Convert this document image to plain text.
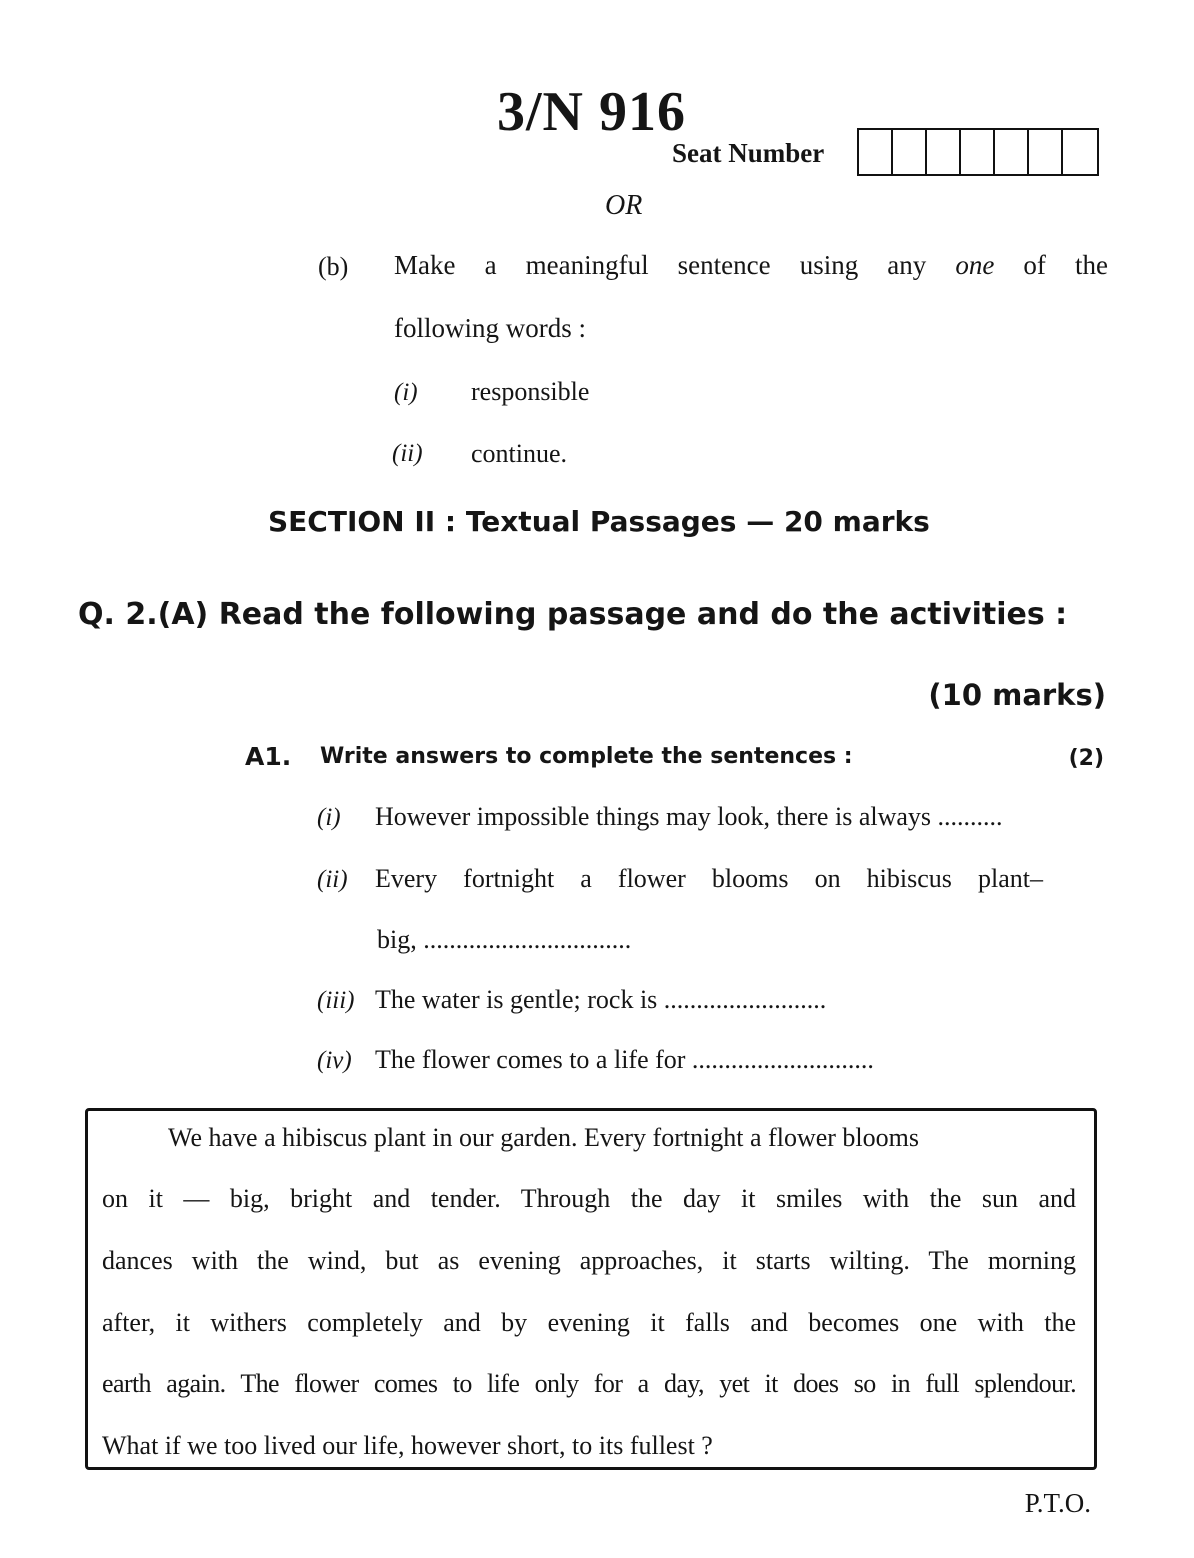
3/N 916
Seat Number
OR
(b) Make a meaningful sentence using any one of the
following words :
(i) responsible
(ii) continue.
SECTION II : Textual Passages — 20 marks
Q. 2.(A) Read the following passage and do the activities :
(10 marks)
A1. Write answers to complete the sentences :	(2)
(i) However impossible things may look, there is always ..........
(ii) Every fortnight a flower blooms on hibiscus plant–
big, ................................
(iii) The water is gentle; rock is .........................
(iv) The flower comes to a life for ............................
We have a hibiscus plant in our garden. Every fortnight a flower blooms
on it — big, bright and tender. Through the day it smiles with the sun and
dances with the wind, but as evening approaches, it starts wilting. The morning
after, it withers completely and by evening it falls and becomes one with the
earth again. The flower comes to life only for a day, yet it does so in full splendour.
What if we too lived our life, however short, to its fullest ?
P.T.O.
